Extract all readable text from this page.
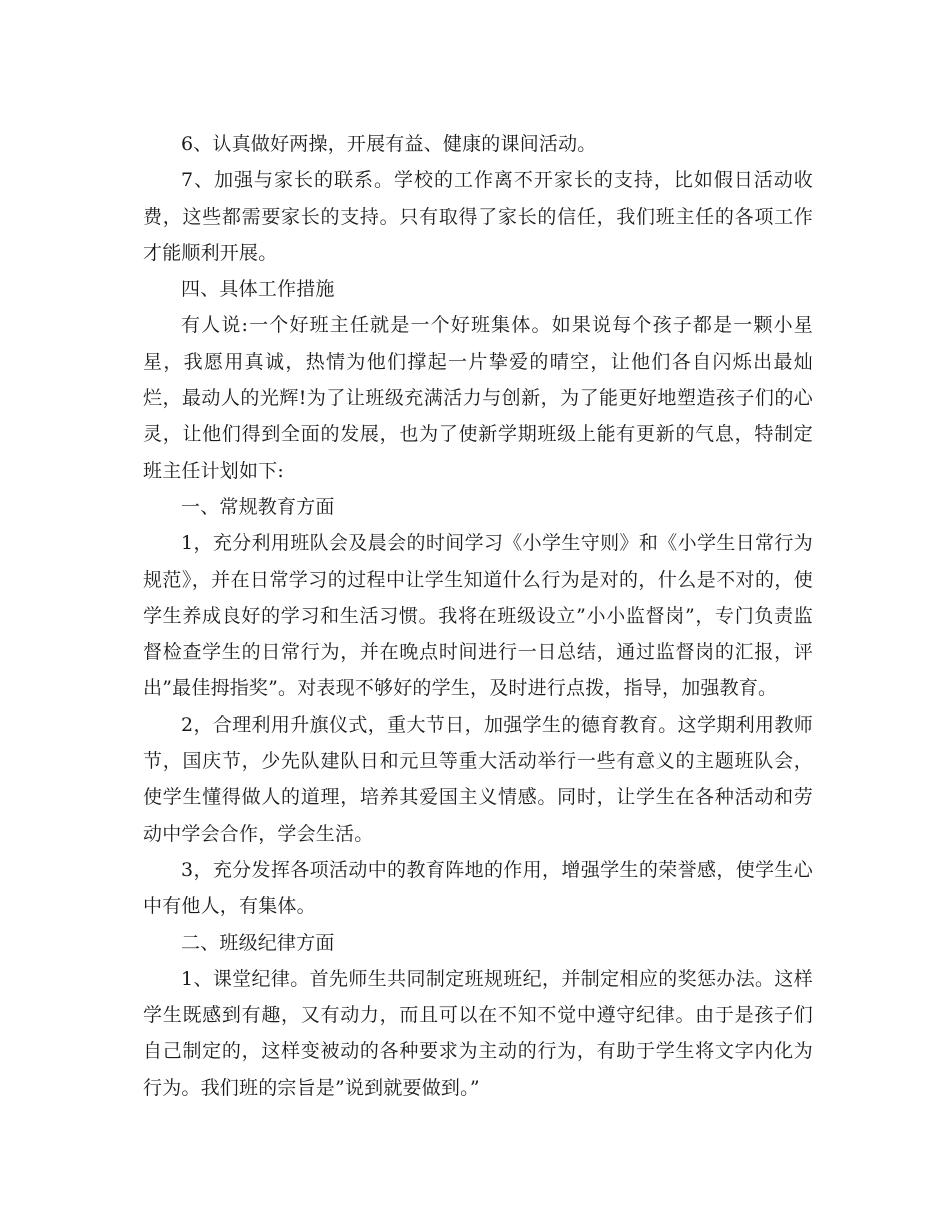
6、认真做好两操，开展有益、健康的课间活动。

7、加强与家长的联系。学校的工作离不开家长的支持，比如假日活动收费，这些都需要家长的支持。只有取得了家长的信任，我们班主任的各项工作才能顺利开展。

四、具体工作措施

有人说:一个好班主任就是一个好班集体。如果说每个孩子都是一颗小星星，我愿用真诚，热情为他们撑起一片挚爱的晴空，让他们各自闪烁出最灿烂，最动人的光辉!为了让班级充满活力与创新，为了能更好地塑造孩子们的心灵，让他们得到全面的发展，也为了使新学期班级上能有更新的气息，特制定班主任计划如下:

一、常规教育方面

1，充分利用班队会及晨会的时间学习《小学生守则》和《小学生日常行为规范》，并在日常学习的过程中让学生知道什么行为是对的，什么是不对的，使学生养成良好的学习和生活习惯。我将在班级设立”小小监督岗”，专门负责监督检查学生的日常行为，并在晚点时间进行一日总结，通过监督岗的汇报，评出”最佳拇指奖”。对表现不够好的学生，及时进行点拨，指导，加强教育。

2，合理利用升旗仪式，重大节日，加强学生的德育教育。这学期利用教师节，国庆节，少先队建队日和元旦等重大活动举行一些有意义的主题班队会，使学生懂得做人的道理，培养其爱国主义情感。同时，让学生在各种活动和劳动中学会合作，学会生活。

3，充分发挥各项活动中的教育阵地的作用，增强学生的荣誉感，使学生心中有他人，有集体。

二、班级纪律方面

1、课堂纪律。首先师生共同制定班规班纪，并制定相应的奖惩办法。这样学生既感到有趣，又有动力，而且可以在不知不觉中遵守纪律。由于是孩子们自己制定的，这样变被动的各种要求为主动的行为，有助于学生将文字内化为行为。我们班的宗旨是”说到就要做到。”
